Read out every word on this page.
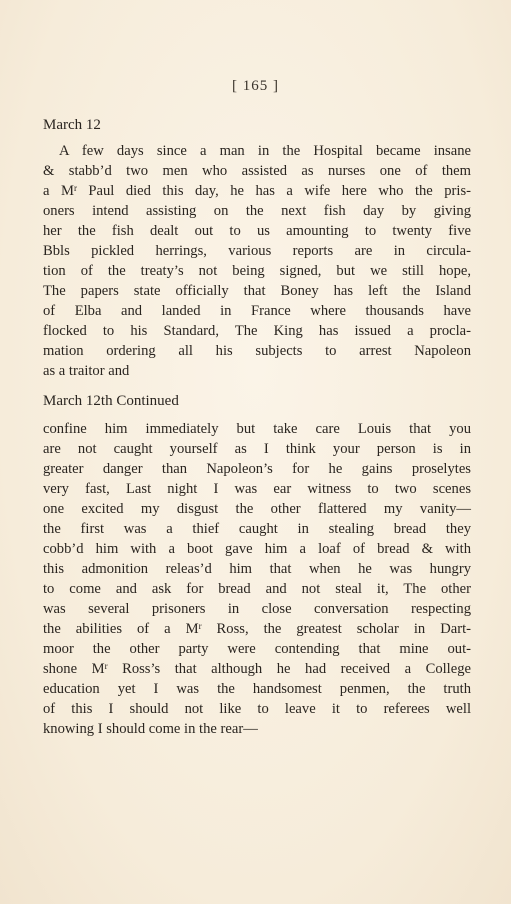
[ 165 ]
March 12
A few days since a man in the Hospital became insane
& stabb’d two men who assisted as nurses one of them
a $M^r$ Paul died this day, he has a wife here who the pris-
oners intend assisting on the next fish day by giving
her the fish dealt out to us amounting to twenty five
Bbls pickled herrings, various reports are in circula-
tion of the treaty’s not being signed, but we still hope,
The papers state officially that Boney has left the Island
of Elba and landed in France where thousands have
flocked to his Standard, The King has issued a procla-
mation ordering all his subjects to arrest Napoleon
as a traitor and
March 12th Continued
confine him immediately but take care Louis that you
are not caught yourself as I think your person is in
greater danger than Napoleon’s for he gains proselytes
very fast, Last night I was ear witness to two scenes
one excited my disgust the other flattered my vanity—
the first was a thief caught in stealing bread they
cobb’d him with a boot gave him a loaf of bread & with
this admonition releas’d him that when he was hungry
to come and ask for bread and not steal it, The other
was several prisoners in close conversation respecting
the abilities of a $M^r$ Ross, the greatest scholar in Dart-
moor the other party were contending that mine out-
shone $M^r$ Ross’s that although he had received a College
education yet I was the handsomest penmen, the truth
of this I should not like to leave it to referees well
knowing I should come in the rear—
